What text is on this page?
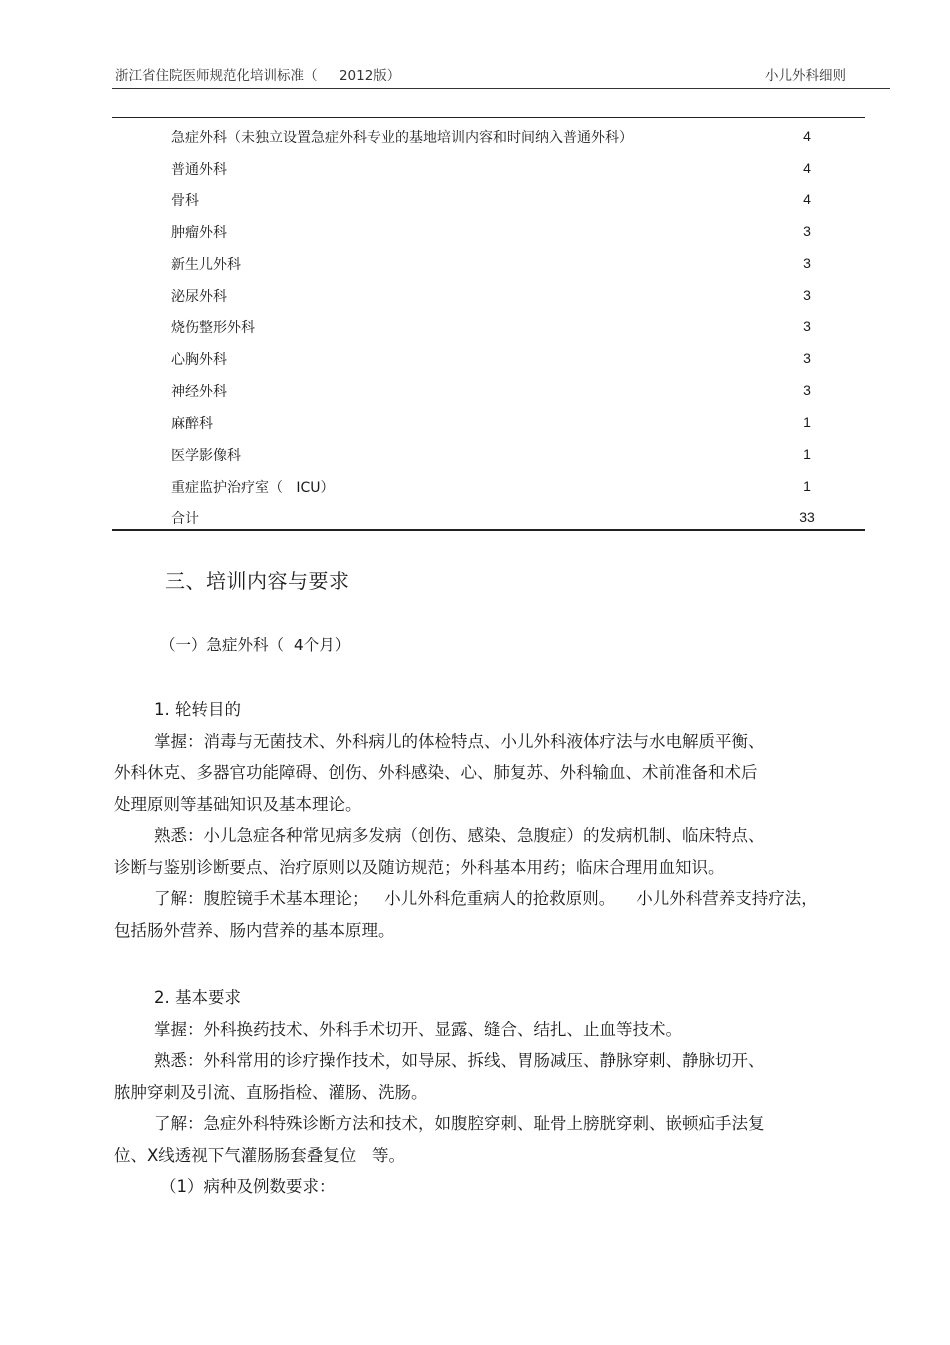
浙江省住院医师规范化培训标准（     2012版）	小儿外科细则
急症外科（未独立设置急症外科专业的基地培训内容和时间纳入普通外科）	4
普通外科	4
骨科	4
肿瘤外科	3
新生儿外科	3
泌尿外科	3
烧伤整形外科	3
心胸外科	3
神经外科	3
麻醉科	1
医学影像科	1
重症监护治疗室（   ICU）	1
合计	33
三、培训内容与要求
（一）急症外科（  4个月）

1. 轮转目的

掌握：消毒与无菌技术、外科病儿的体检特点、小儿外科液体疗法与水电解质平衡、

外科休克、多器官功能障碍、创伤、外科感染、心、肺复苏、外科输血、术前准备和术后

处理原则等基础知识及基本理论。

熟悉：小儿急症各种常见病多发病（创伤、感染、急腹症）的发病机制、临床特点、

诊断与鉴别诊断要点、治疗原则以及随访规范；外科基本用药；临床合理用血知识。

了解：腹腔镜手术基本理论；   小儿外科危重病人的抢救原则。    小儿外科营养支持疗法，

包括肠外营养、肠内营养的基本原理。

2. 基本要求

掌握：外科换药技术、外科手术切开、显露、缝合、结扎、止血等技术。

熟悉：外科常用的诊疗操作技术，如导尿、拆线、胃肠减压、静脉穿刺、静脉切开、

脓肿穿刺及引流、直肠指检、灌肠、洗肠。

了解：急症外科特殊诊断方法和技术，如腹腔穿刺、耻骨上膀胱穿刺、嵌顿疝手法复

位、X线透视下气灌肠肠套叠复位   等。

（1）病种及例数要求：
